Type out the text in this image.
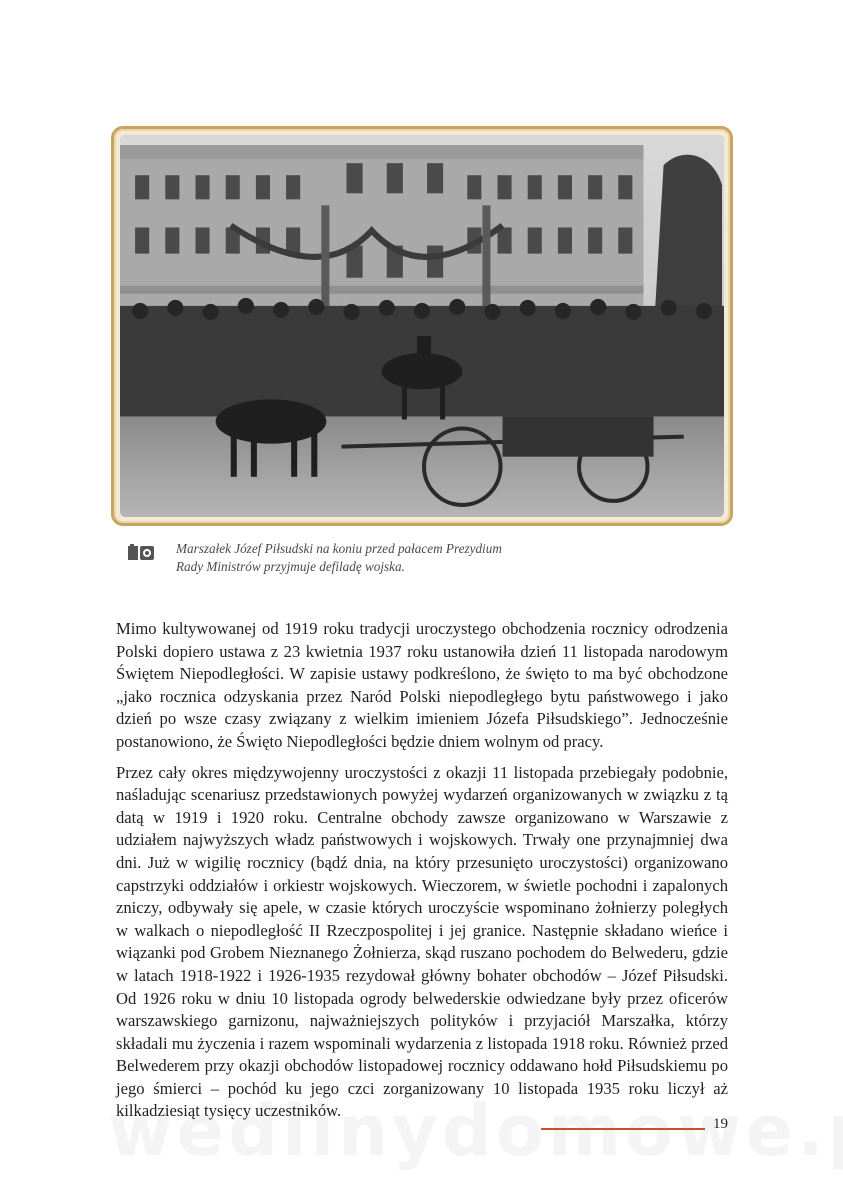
Marszałek Józef Piłsudski na koniu przed pałacem Prezydium
Rady Ministrów przyjmuje defiladę wojska.

Mimo kultywowanej od 1919 roku tradycji uroczystego obchodzenia rocznicy odrodzenia Polski dopiero ustawa z 23 kwietnia 1937 roku ustanowiła dzień 11 listopada narodowym Świętem Niepodległości. W zapisie ustawy podkreślono, że święto to ma być obchodzone „jako rocznica odzyskania przez Naród Polski niepodległego bytu państwowego i jako dzień po wsze czasy związany z wielkim imieniem Józefa Piłsudskiego”. Jednocześnie postanowiono, że Święto Niepodległości będzie dniem wolnym od pracy.

Przez cały okres międzywojenny uroczystości z okazji 11 listopada przebiegały podobnie, naśladując scenariusz przedstawionych powyżej wydarzeń organizowanych w związku z tą datą w 1919 i 1920 roku. Centralne obchody zawsze organizowano w Warszawie z udziałem najwyższych władz państwowych i wojskowych. Trwały one przynajmniej dwa dni. Już w wigilię rocznicy (bądź dnia, na który przesunięto uroczystości) organizowano capstrzyki oddziałów i orkiestr wojskowych. Wieczorem, w świetle pochodni i zapalonych zniczy, odbywały się apele, w czasie których uroczyście wspominano żołnierzy poległych w walkach o niepodległość II Rzeczpospolitej i jej granice. Następnie składano wieńce i wiązanki pod Grobem Nieznanego Żołnierza, skąd ruszano pochodem do Belwederu, gdzie w latach 1918-1922 i 1926-1935 rezydował główny bohater obchodów – Józef Piłsudski. Od 1926 roku w dniu 10 listopada ogrody belwederskie odwiedzane były przez oficerów warszawskiego garnizonu, najważniejszych polityków i przyjaciół Marszałka, którzy składali mu życzenia i razem wspominali wydarzenia z listopada 1918 roku. Również przed Belwederem przy okazji obchodów listopadowej rocznicy oddawano hołd Piłsudskiemu po jego śmierci – pochód ku jego czci zorganizowany 10 listopada 1935 roku liczył aż kilkadziesiąt tysięcy uczestników.

19
